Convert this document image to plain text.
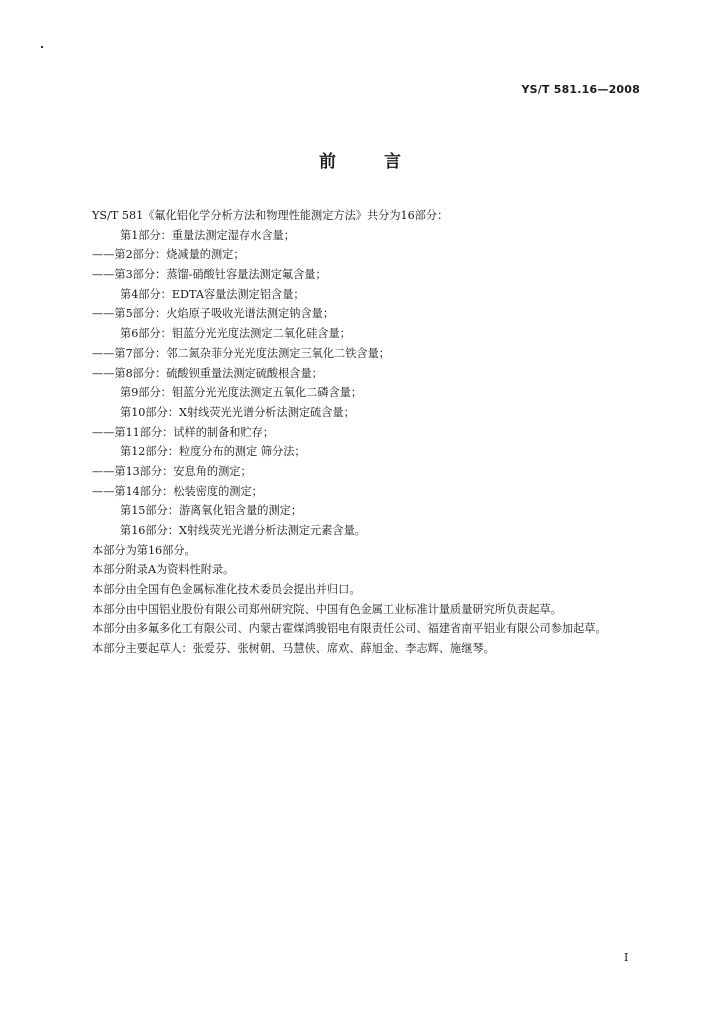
YS/T 581.16—2008
前言
YS/T 581《氟化铝化学分析方法和物理性能测定方法》共分为16部分：
第1部分：重量法测定湿存水含量；
——第2部分：烧减量的测定；
——第3部分：蒸馏-硝酸钍容量法测定氟含量；
第4部分：EDTA容量法测定铝含量；
——第5部分：火焰原子吸收光谱法测定钠含量；
第6部分：钼蓝分光光度法测定二氧化硅含量；
——第7部分：邻二氮杂菲分光光度法测定三氧化二铁含量；
——第8部分：硫酸钡重量法测定硫酸根含量；
第9部分：钼蓝分光光度法测定五氧化二磷含量；
第10部分：X射线荧光光谱分析法测定硫含量；
——第11部分：试样的制备和贮存；
第12部分：粒度分布的测定 筛分法；
——第13部分：安息角的测定；
——第14部分：松装密度的测定；
第15部分：游离氧化铝含量的测定；
第16部分：X射线荧光光谱分析法测定元素含量。
本部分为第16部分。
本部分附录A为资料性附录。
本部分由全国有色金属标准化技术委员会提出并归口。
本部分由中国铝业股份有限公司郑州研究院、中国有色金属工业标准计量质量研究所负责起草。
本部分由多氟多化工有限公司、内蒙古霍煤鸿骏铝电有限责任公司、福建省南平铝业有限公司参加起草。
本部分主要起草人：张爱芬、张树朝、马慧侠、席欢、薛旭金、李志辉、施继琴。
I
